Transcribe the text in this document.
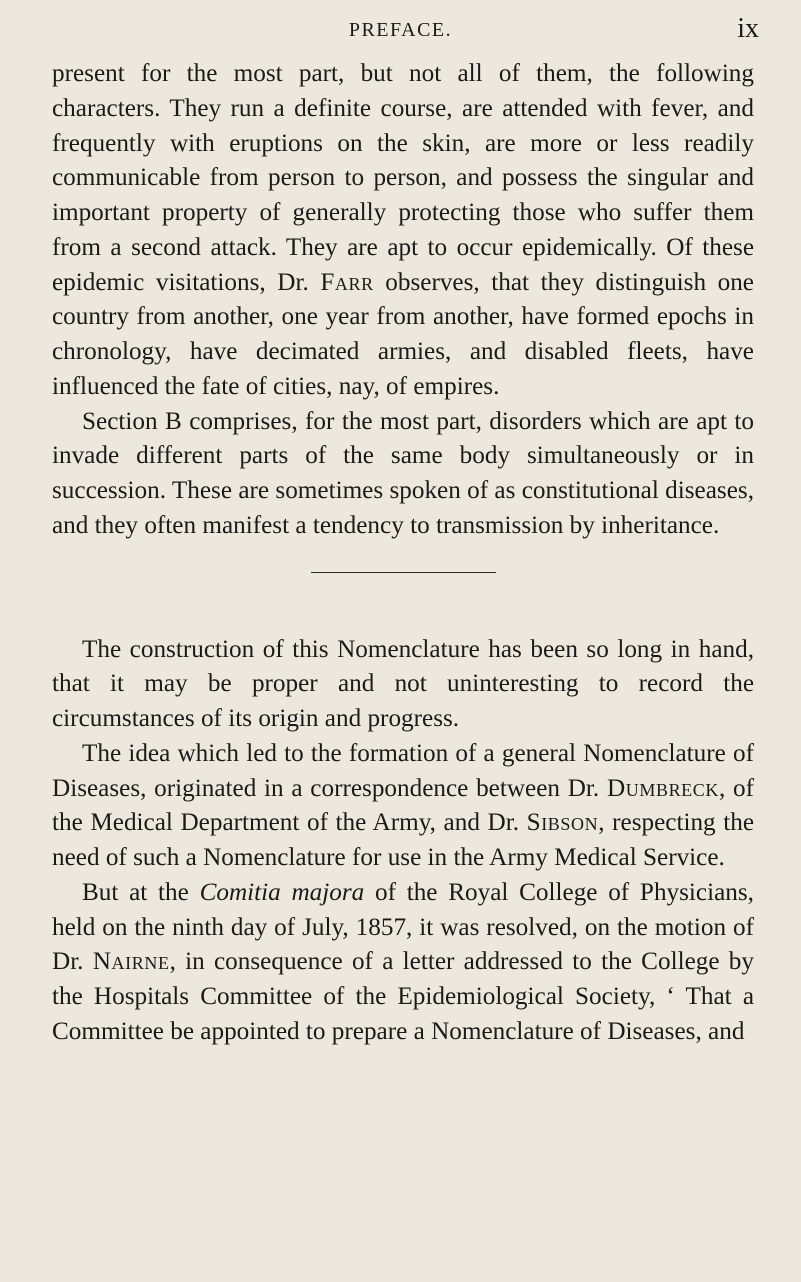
PREFACE.	ix

present for the most part, but not all of them, the following characters. They run a definite course, are attended with fever, and frequently with eruptions on the skin, are more or less readily communicable from person to person, and possess the singular and important property of generally protecting those who suffer them from a second attack. They are apt to occur epidemically. Of these epidemic visitations, Dr. Farr observes, that they distinguish one country from another, one year from another, have formed epochs in chronology, have decimated armies, and disabled fleets, have influenced the fate of cities, nay, of empires.

Section B comprises, for the most part, disorders which are apt to invade different parts of the same body simultaneously or in succession. These are sometimes spoken of as constitutional diseases, and they often manifest a tendency to transmission by inheritance.

The construction of this Nomenclature has been so long in hand, that it may be proper and not uninteresting to record the circumstances of its origin and progress.

The idea which led to the formation of a general Nomenclature of Diseases, originated in a correspondence between Dr. Dumbreck, of the Medical Department of the Army, and Dr. Sibson, respecting the need of such a Nomenclature for use in the Army Medical Service.

But at the Comitia majora of the Royal College of Physicians, held on the ninth day of July, 1857, it was resolved, on the motion of Dr. Nairne, in consequence of a letter addressed to the College by the Hospitals Committee of the Epidemiological Society, ‘ That a Committee be appointed to prepare a Nomenclature of Diseases, and
